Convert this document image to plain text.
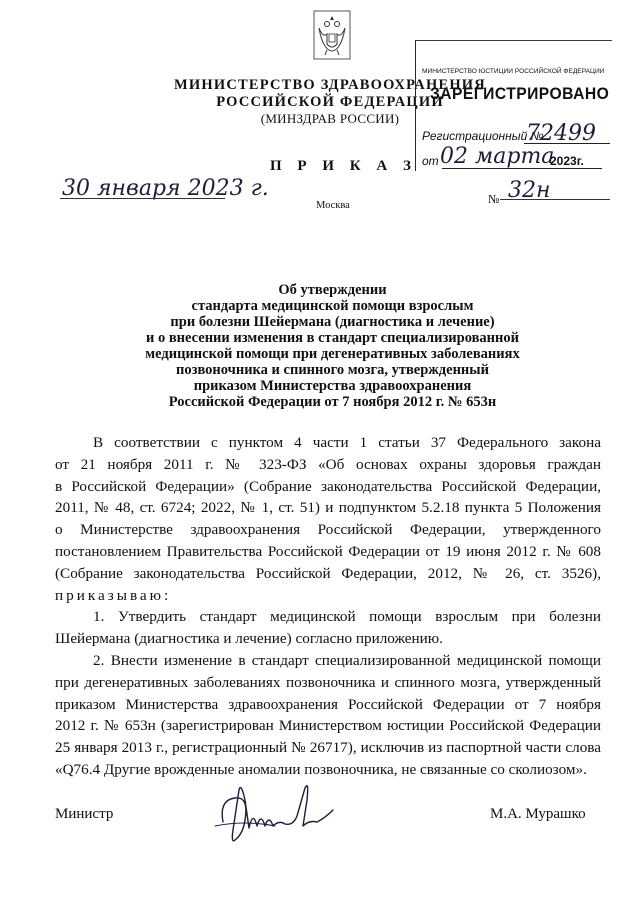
МИНИСТЕРСТВО ЗДРАВООХРАНЕНИЯ
РОССИЙСКОЙ ФЕДЕРАЦИИ
(МИНЗДРАВ РОССИИ)
МИНИСТЕРСТВО ЮСТИЦИИ РОССИЙСКОЙ ФЕДЕРАЦИИ
ЗАРЕГИСТРИРОВАНО
Регистрационный №
72499
от 02 марта
2023г.
П Р И К А З
30 января 2023 г.
Москва	№ 32н
Об утверждении
стандарта медицинской помощи взрослым
при болезни Шейермана (диагностика и лечение)
и о внесении изменения в стандарт специализированной
медицинской помощи при дегенеративных заболеваниях
позвоночника и спинного мозга, утвержденный
приказом Министерства здравоохранения
Российской Федерации от 7 ноября 2012 г. № 653н
В соответствии с пунктом 4 части 1 статьи 37 Федерального закона
от 21 ноября 2011 г. № 323-ФЗ «Об основах охраны здоровья граждан
в Российской Федерации» (Собрание законодательства Российской Федерации,
2011, № 48, ст. 6724; 2022, № 1, ст. 51) и подпунктом 5.2.18 пункта 5 Положения
о Министерстве здравоохранения Российской Федерации, утвержденного
постановлением Правительства Российской Федерации от 19 июня 2012 г. № 608
(Собрание законодательства Российской Федерации, 2012, № 26, ст. 3526),
приказываю:
1. Утвердить стандарт медицинской помощи взрослым при болезни
Шейермана (диагностика и лечение) согласно приложению.
2. Внести изменение в стандарт специализированной медицинской помощи
при дегенеративных заболеваниях позвоночника и спинного мозга, утвержденный
приказом Министерства здравоохранения Российской Федерации от 7 ноября
2012 г. № 653н (зарегистрирован Министерством юстиции Российской Федерации
25 января 2013 г., регистрационный № 26717), исключив из паспортной части слова
«Q76.4 Другие врожденные аномалии позвоночника, не связанные со сколиозом».
Министр	М.А. Мурашко
